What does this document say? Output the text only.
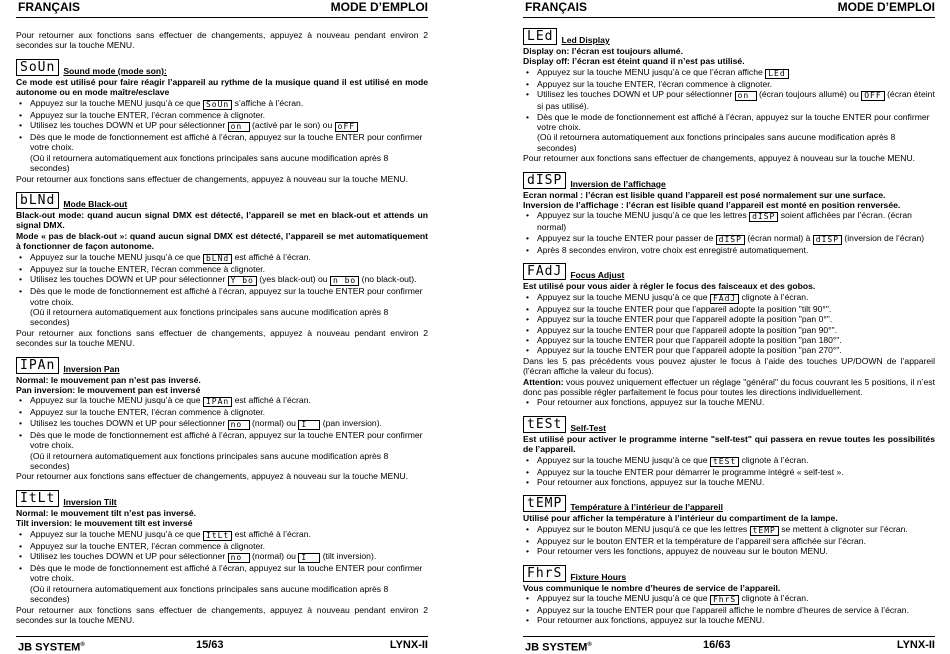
FRANÇAIS	MODE D’EMPLOI

Pour retourner aux fonctions sans effectuer de changements, appuyez à nouveau pendant environ 2 secondes sur la touche MENU.

SoUn Sound mode (mode son):

Ce mode est utilisé pour faire réagir l’appareil au rythme de la musique quand il est utilisé en mode autonome ou en mode maître/esclave

• Appuyez sur la touche MENU jusqu’à ce que SoUn s’affiche à l’écran.
• Appuyez sur la touche ENTER, l’écran commence à clignoter.
• Utilisez les touches DOWN et UP pour sélectionner on (activé par le son) ou oFF
• Dès que le mode de fonctionnement est affiché à l’écran, appuyez sur la touche ENTER pour confirmer votre choix.

(Où il retournera automatiquement aux fonctions principales sans aucune modification après 8 secondes)

Pour retourner aux fonctions sans effectuer de changements, appuyez à nouveau sur la touche MENU.

bLNd Mode Black-out

Black-out mode: quand aucun signal DMX est détecté, l’appareil se met en black-out et attends un signal DMX.

Mode « pas de black-out »: quand aucun signal DMX est détecté, l’appareil se met automatiquement à fonctionner de façon autonome.

• Appuyez sur la touche MENU jusqu’à ce que bLNd est affiché à l’écran.
• Appuyez sur la touche ENTER, l’écran commence à clignoter.
• Utilisez les touches DOWN et UP pour sélectionner Y bo (yes black-out) ou n bo (no black-out).
• Dès que le mode de fonctionnement est affiché à l’écran, appuyez sur la touche ENTER pour confirmer votre choix.

(Où il retournera automatiquement aux fonctions principales sans aucune modification après 8 secondes)

Pour retourner aux fonctions sans effectuer de changements, appuyez à nouveau pendant environ 2 secondes sur la touche MENU.

IPAn Inversion Pan

Normal: le mouvement pan n’est pas inversé.

Pan inversion: le mouvement pan est inversé

• Appuyez sur la touche MENU jusqu’à ce que IPAn est affiché à l’écran.
• Appuyez sur la touche ENTER, l’écran commence à clignoter.
• Utilisez les touches DOWN et UP pour sélectionner no (normal) ou I (pan inversion).
• Dès que le mode de fonctionnement est affiché à l’écran, appuyez sur la touche ENTER pour confirmer votre choix.

(Où il retournera automatiquement aux fonctions principales sans aucune modification après 8 secondes)

Pour retourner aux fonctions sans effectuer de changements, appuyez à nouveau sur la touche MENU.

ItLt Inversion Tilt

Normal: le mouvement tilt n’est pas inversé.

Tilt inversion: le mouvement tilt est inversé

• Appuyez sur la touche MENU jusqu’à ce que ItLt est affiché à l’écran.
• Appuyez sur la touche ENTER, l’écran commence à clignoter.
• Utilisez les touches DOWN et UP pour sélectionner no (normal) ou I (tilt inversion).
• Dès que le mode de fonctionnement est affiché à l’écran, appuyez sur la touche ENTER pour confirmer votre choix.

(Où il retournera automatiquement aux fonctions principales sans aucune modification après 8 secondes)

Pour retourner aux fonctions sans effectuer de changements, appuyez à nouveau pendant environ 2 secondes sur la touche MENU.

JB SYSTEM®	15/63	LYNX-II
FRANÇAIS	MODE D’EMPLOI
LEd Led Display

Display on: l’écran est toujours allumé.

Display off: l’écran est éteint quand il n’est pas utilisé.

• Appuyez sur la touche MENU jusqu’à ce que l’écran affiche LEd
• Appuyez sur la touche ENTER, l’écran commence à clignoter.
• Utilisez les touches DOWN et UP pour sélectionner on (écran toujours allumé) ou OFF (écran éteint si pas utilisé).
• Dès que le mode de fonctionnement est affiché à l’écran, appuyez sur la touche ENTER pour confirmer votre choix.

(Où il retournera automatiquement aux fonctions principales sans aucune modification après 8 secondes)

Pour retourner aux fonctions sans effectuer de changements, appuyez à nouveau sur la touche MENU.

dISP Inversion de l’affichage

Ecran normal : l’écran est lisible quand l’appareil est posé normalement sur une surface.

Inversion de l’affichage : l’écran est lisible quand l’appareil est monté en position renversée.

• Appuyez sur la touche MENU jusqu’à ce que les lettres dISP soient affichées par l’écran. (écran normal)
• Appuyez sur la touche ENTER pour passer de dISP (écran normal) à dISP (inversion de l’écran)
• Après 8 secondes environ, votre choix est enregistré automatiquement.
FAdJ Focus Adjust

Est utilisé pour vous aider à régler le focus des faisceaux et des gobos.

• Appuyez sur la touche MENU jusqu’à ce que FAdJ clignote à l’écran.
• Appuyez sur la touche ENTER pour que l’appareil adopte la position "tilt 90°".
• Appuyez sur la touche ENTER pour que l’appareil adopte la position "pan 0°".
• Appuyez sur la touche ENTER pour que l’appareil adopte la position "pan 90°".
• Appuyez sur la touche ENTER pour que l’appareil adopte la position "pan 180°".
• Appuyez sur la touche ENTER pour que l’appareil adopte la position "pan 270°".

Dans les 5 pas précédents vous pouvez ajuster le focus à l’aide des touches UP/DOWN de l’appareil (l’écran affiche la valeur du focus).

Attention: vous pouvez uniquement effectuer un réglage "général" du focus couvrant les 5 positions, il n’est donc pas possible régler parfaitement le focus pour toutes les directions individuellement.

• Pour retourner aux fonctions, appuyez sur la touche MENU.
tESt Self-Test

Est utilisé pour activer le programme interne "self-test" qui passera en revue toutes les possibilités de l’appareil.

• Appuyez sur la touche MENU jusqu’à ce que tESt clignote à l’écran.
• Appuyez sur la touche ENTER pour démarrer le programme intégré « self-test ».
• Pour retourner aux fonctions, appuyez sur la touche MENU.
tEMP Température à l’intérieur de l’appareil

Utilisé pour afficher la température à l’intérieur du compartiment de la lampe.

• Appuyez sur le bouton MENU jusqu’à ce que les lettres tEMP se mettent à clignoter sur l’écran.
• Appuyez sur le bouton ENTER et la température de l’appareil sera affichée sur l’écran.
• Pour retourner vers les fonctions, appuyez de nouveau sur le bouton MENU.
FhrS Fixture Hours

Vous communique le nombre d’heures de service de l’appareil.

• Appuyez sur la touche MENU jusqu’à ce que FhrS clignote à l’écran.
• Appuyez sur la touche ENTER pour que l’appareil affiche le nombre d’heures de service à l’écran.
• Pour retourner aux fonctions, appuyez sur la touche MENU.
JB SYSTEM®	16/63	LYNX-II
